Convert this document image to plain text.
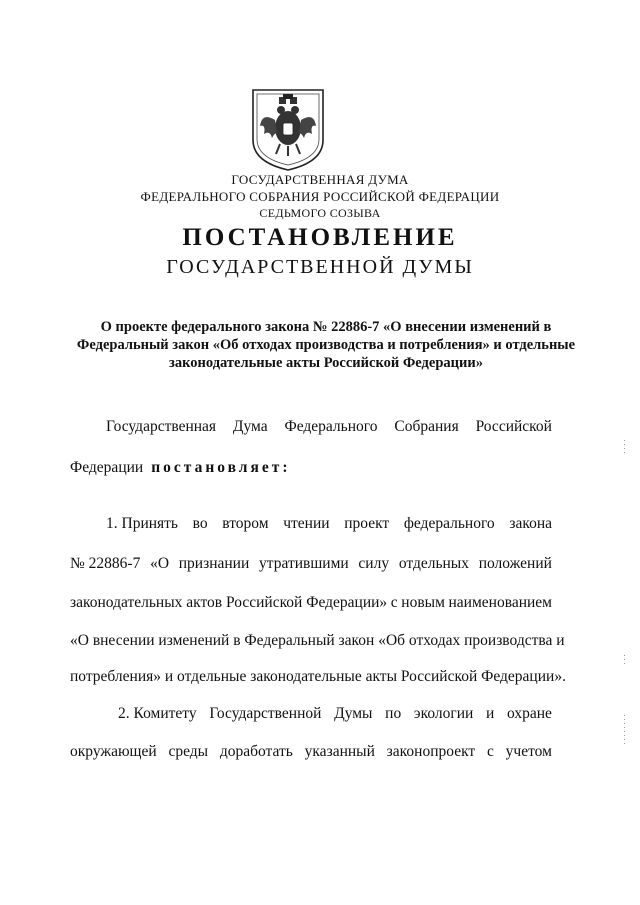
ГОСУДАРСТВЕННАЯ ДУМА
ФЕДЕРАЛЬНОГО СОБРАНИЯ РОССИЙСКОЙ ФЕДЕРАЦИИ
СЕДЬМОГО СОЗЫВА
ПОСТАНОВЛЕНИЕ
ГОСУДАРСТВЕННОЙ ДУМЫ
О проекте федерального закона № 22886-7 «О внесении изменений в Федеральный закон «Об отходах производства и потребления» и отдельные законодательные акты Российской Федерации»
Государственная Дума Федерального Собрания Российской
Федерации постановляет:
1. Принять во втором чтении проект федерального закона
№ 22886-7 «О признании утратившими силу отдельных положений
законодательных актов Российской Федерации» с новым наименованием
«О внесении изменений в Федеральный закон «Об отходах производства и
потребления» и отдельные законодательные акты Российской Федерации».
2. Комитету Государственной Думы по экологии и охране
окружающей среды доработать указанный законопроект с учетом
